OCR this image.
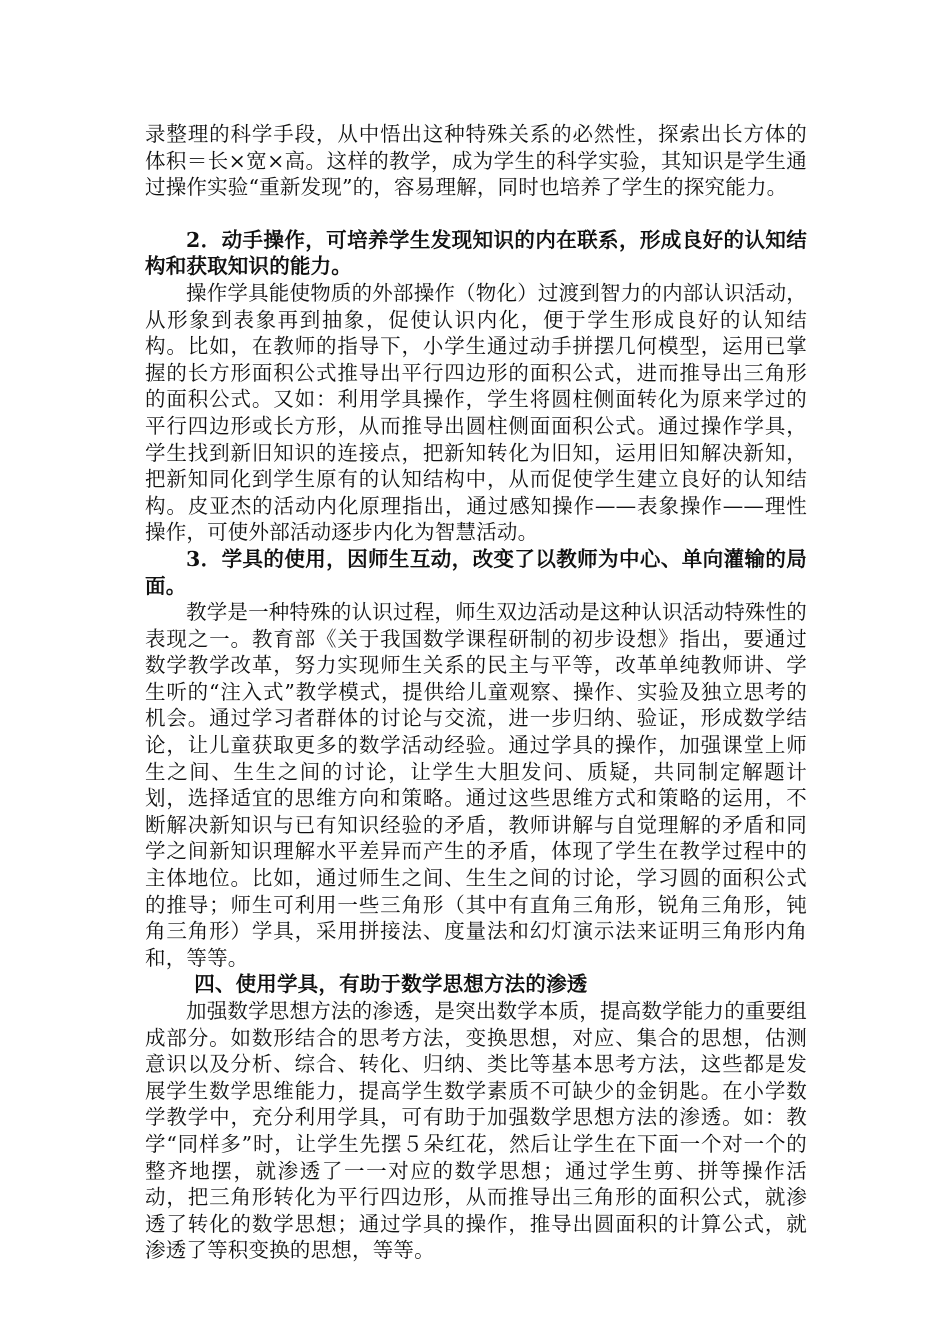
录整理的科学手段，从中悟出这种特殊关系的必然性，探索出长方体的体积＝长×宽×高。这样的教学，成为学生的科学实验，其知识是学生通过操作实验“重新发现”的，容易理解，同时也培养了学生的探究能力。

2．动手操作，可培养学生发现知识的内在联系，形成良好的认知结构和获取知识的能力。

操作学具能使物质的外部操作（物化）过渡到智力的内部认识活动，从形象到表象再到抽象，促使认识内化，便于学生形成良好的认知结构。比如，在教师的指导下，小学生通过动手拼摆几何模型，运用已掌握的长方形面积公式推导出平行四边形的面积公式，进而推导出三角形的面积公式。又如：利用学具操作，学生将圆柱侧面转化为原来学过的平行四边形或长方形，从而推导出圆柱侧面面积公式。通过操作学具，学生找到新旧知识的连接点，把新知转化为旧知，运用旧知解决新知，把新知同化到学生原有的认知结构中，从而促使学生建立良好的认知结构。皮亚杰的活动内化原理指出，通过感知操作——表象操作——理性操作，可使外部活动逐步内化为智慧活动。

3．学具的使用，因师生互动，改变了以教师为中心、单向灌输的局面。

教学是一种特殊的认识过程，师生双边活动是这种认识活动特殊性的表现之一。教育部《关于我国数学课程研制的初步设想》指出，要通过数学教学改革，努力实现师生关系的民主与平等，改革单纯教师讲、学生听的“注入式”教学模式，提供给儿童观察、操作、实验及独立思考的机会。通过学习者群体的讨论与交流，进一步归纳、验证，形成数学结论，让儿童获取更多的数学活动经验。通过学具的操作，加强课堂上师生之间、生生之间的讨论，让学生大胆发问、质疑，共同制定解题计划，选择适宜的思维方向和策略。通过这些思维方式和策略的运用，不断解决新知识与已有知识经验的矛盾，教师讲解与自觉理解的矛盾和同学之间新知识理解水平差异而产生的矛盾，体现了学生在教学过程中的主体地位。比如，通过师生之间、生生之间的讨论，学习圆的面积公式的推导；师生可利用一些三角形（其中有直角三角形，锐角三角形，钝角三角形）学具，采用拼接法、度量法和幻灯演示法来证明三角形内角和，等等。

四、使用学具，有助于数学思想方法的渗透

加强数学思想方法的渗透，是突出数学本质，提高数学能力的重要组成部分。如数形结合的思考方法，变换思想，对应、集合的思想，估测意识以及分析、综合、转化、归纳、类比等基本思考方法，这些都是发展学生数学思维能力，提高学生数学素质不可缺少的金钥匙。在小学数学教学中，充分利用学具，可有助于加强数学思想方法的渗透。如：教学“同样多”时，让学生先摆５朵红花，然后让学生在下面一个对一个的整齐地摆，就渗透了一一对应的数学思想；通过学生剪、拼等操作活动，把三角形转化为平行四边形，从而推导出三角形的面积公式，就渗透了转化的数学思想；通过学具的操作，推导出圆面积的计算公式，就渗透了等积变换的思想，等等。
